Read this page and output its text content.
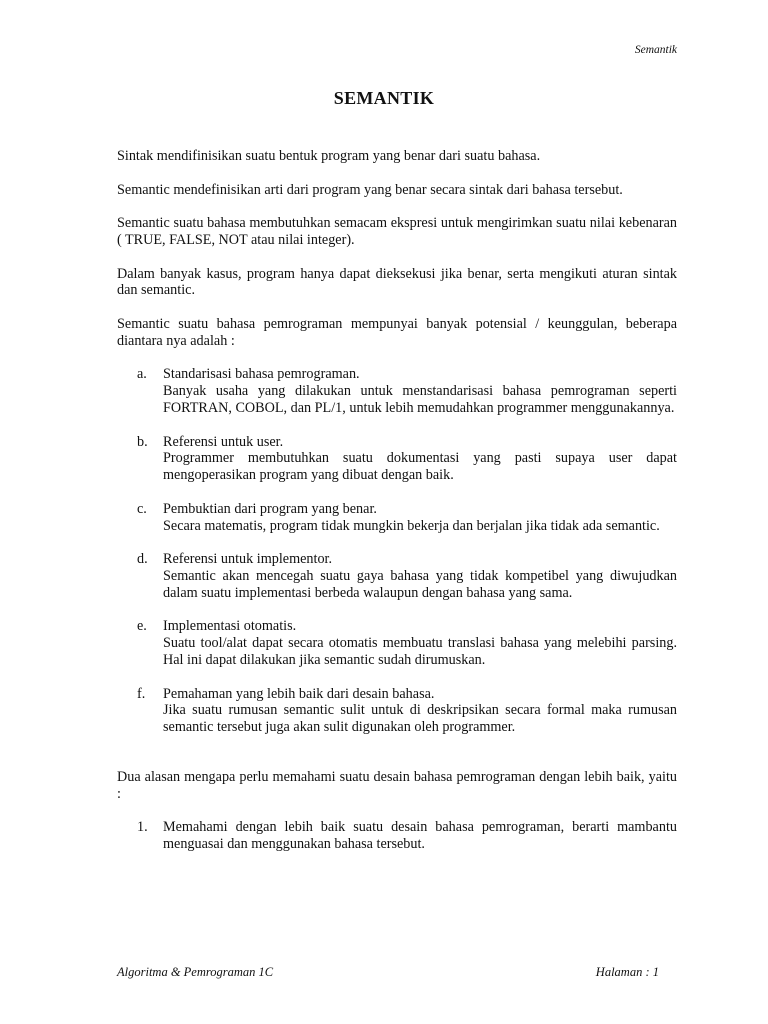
Semantik
SEMANTIK

Sintak mendifinisikan suatu bentuk program yang benar dari suatu bahasa.

Semantic mendefinisikan arti dari program yang benar secara sintak dari bahasa tersebut.

Semantic suatu bahasa membutuhkan semacam ekspresi untuk mengirimkan suatu nilai kebenaran ( TRUE, FALSE, NOT atau nilai integer).

Dalam banyak kasus, program hanya dapat dieksekusi jika benar, serta mengikuti aturan sintak dan semantic.

Semantic suatu bahasa pemrograman mempunyai banyak potensial / keunggulan, beberapa diantara nya adalah :

a.	Standarisasi bahasa pemrograman.
Banyak usaha yang dilakukan untuk menstandarisasi bahasa pemrograman seperti FORTRAN, COBOL, dan PL/1, untuk lebih memudahkan programmer menggunakannya.
b.	Referensi untuk user.
Programmer membutuhkan suatu dokumentasi yang pasti supaya user dapat mengoperasikan program yang dibuat dengan baik.
c.	Pembuktian dari program yang benar.
Secara matematis, program tidak mungkin bekerja dan berjalan jika tidak ada semantic.
d.	Referensi untuk implementor.
Semantic akan mencegah suatu gaya bahasa yang tidak kompetibel yang diwujudkan dalam suatu implementasi berbeda walaupun dengan bahasa yang sama.
e.	Implementasi otomatis.
Suatu tool/alat dapat secara otomatis membuatu translasi bahasa yang melebihi parsing. Hal ini dapat dilakukan jika semantic sudah dirumuskan.
f.	Pemahaman yang lebih baik dari desain bahasa.
Jika suatu rumusan semantic sulit untuk di deskripsikan secara formal maka rumusan semantic tersebut juga akan sulit digunakan oleh programmer.

Dua alasan mengapa perlu memahami suatu desain bahasa pemrograman dengan lebih baik, yaitu :

1.	Memahami dengan lebih baik suatu desain bahasa pemrograman, berarti mambantu menguasai dan menggunakan bahasa tersebut.
Algoritma & Pemrograman 1C	Halaman : 1
